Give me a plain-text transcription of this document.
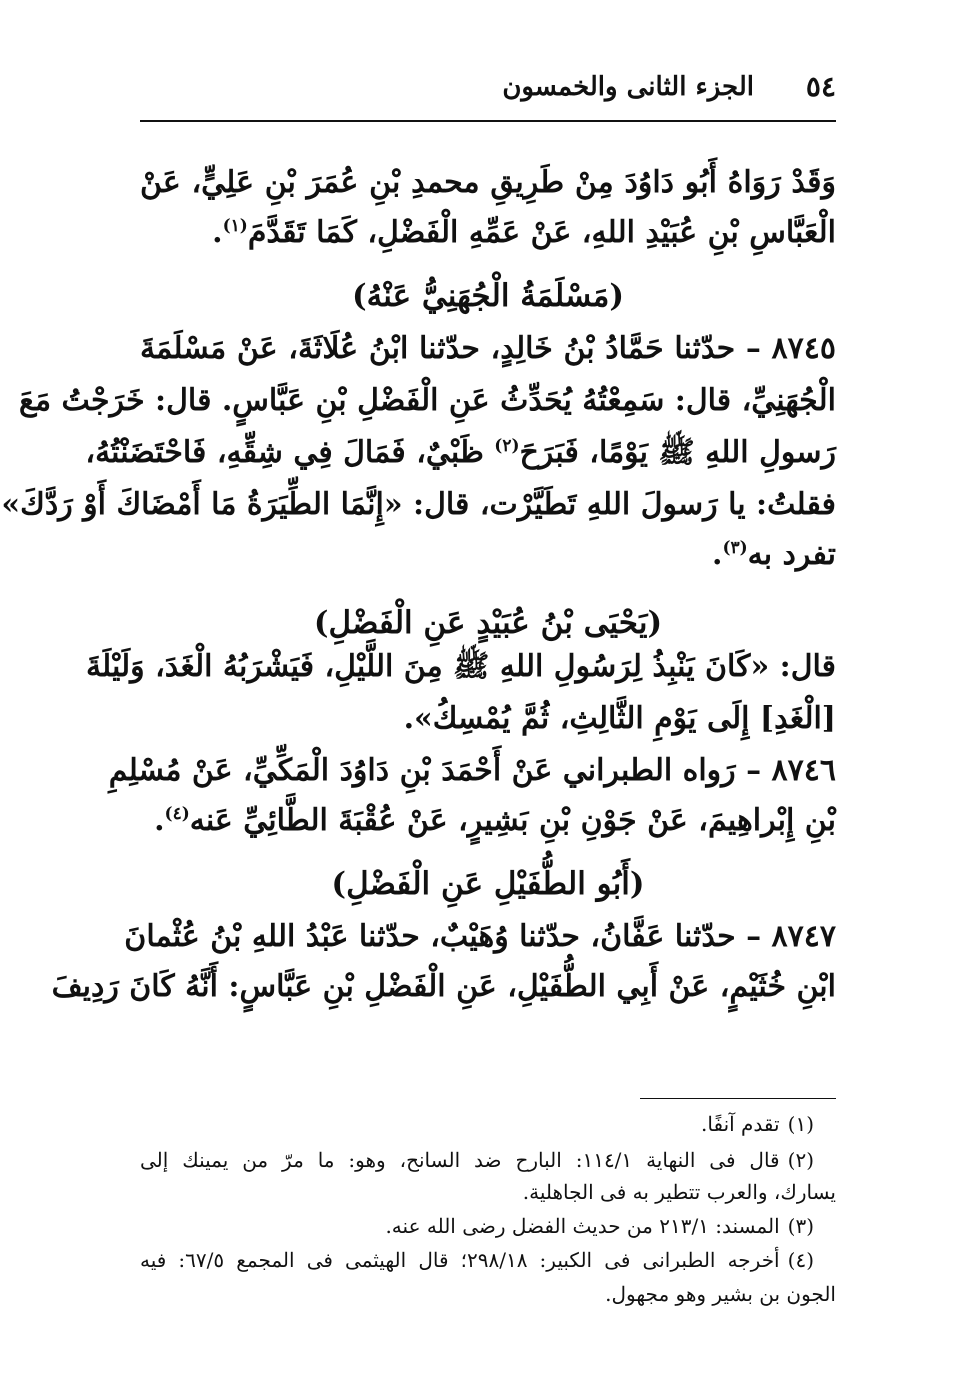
٥٤
الجزء الثانى والخمسون
وَقَدْ رَوَاهُ أَبُو دَاوُدَ مِنْ طَرِيقِ محمدِ بْنِ عُمَرَ بْنِ عَلِيٍّ، عَنْ
الْعَبَّاسِ بْنِ عُبَيْدِ اللهِ، عَنْ عَمِّهِ الْفَضْلِ، كَمَا تَقَدَّمَ$^{(١)}$.
(مَسْلَمَةُ الْجُهَنِيُّ عَنْهُ)
٨٧٤٥ – حدّثنا حَمَّادُ بْنُ خَالِدٍ، حدّثنا ابْنُ عُلَاثَةَ، عَنْ مَسْلَمَةَ
الْجُهَنِيِّ، قال: سَمِعْتُهُ يُحَدِّثُ عَنِ الْفَضْلِ بْنِ عَبَّاسٍ. قال: خَرَجْتُ مَعَ
رَسولِ اللهِ ﷺ يَوْمًا، فَبَرَحَ$^{(٢)}$ ظَبْيٌ، فَمَالَ فِي شِقِّهِ، فَاحْتَضَنْتُهُ،
فقلتُ: يا رَسولَ اللهِ تَطَيَّرْت، قال: «إِنَّمَا الطِّيَرَةُ مَا أَمْضَاكَ أَوْ رَدَّكَ»
تفرد به$^{(٣)}$.
(يَحْيَى بْنُ عُبَيْدٍ عَنِ الْفَضْلِ)
قال: «كَانَ يَنْبِذُ لِرَسُولِ اللهِ ﷺ مِنَ اللَّيْلِ، فَيَشْرَبُهُ الْغَدَ، وَلَيْلَةَ
[الْغَدِ] إِلَى يَوْمِ الثَّالِثِ، ثُمَّ يُمْسِكُ».
٨٧٤٦ – رَواه الطبراني عَنْ أَحْمَدَ بْنِ دَاوُدَ الْمَكِّيِّ، عَنْ مُسْلِمِ
بْنِ إِبْراهِيمَ، عَنْ جَوْنِ بْنِ بَشِيرٍ، عَنْ عُقْبَةَ الطَّائِيِّ عَنه$^{(٤)}$.
(أَبُو الطُّفَيْلِ عَنِ الْفَضْلِ)
٨٧٤٧ – حدّثنا عَفَّانُ، حدّثنا وُهَيْبٌ، حدّثنا عَبْدُ اللهِ بْنُ عُثْمانَ
ابْنِ خُثَيْمٍ، عَنْ أَبِي الطُّفَيْلِ، عَنِ الْفَضْلِ بْنِ عَبَّاسٍ: أَنَّهُ كَانَ رَدِيفَ
(١)تقدم آنفًا.
(٢)قال فى النهاية ١١٤/١: البارح ضد السانح، وهو: ما مرّ من يمينك إلى
يسارك، والعرب تتطير به فى الجاهلية.
(٣)المسند: ٢١٣/١ من حديث الفضل رضى الله عنه.
(٤)أخرجه الطبرانى فى الكبير: ٢٩٨/١٨؛ قال الهيثمى فى المجمع ٦٧/٥: فيه
الجون بن بشير وهو مجهول.
